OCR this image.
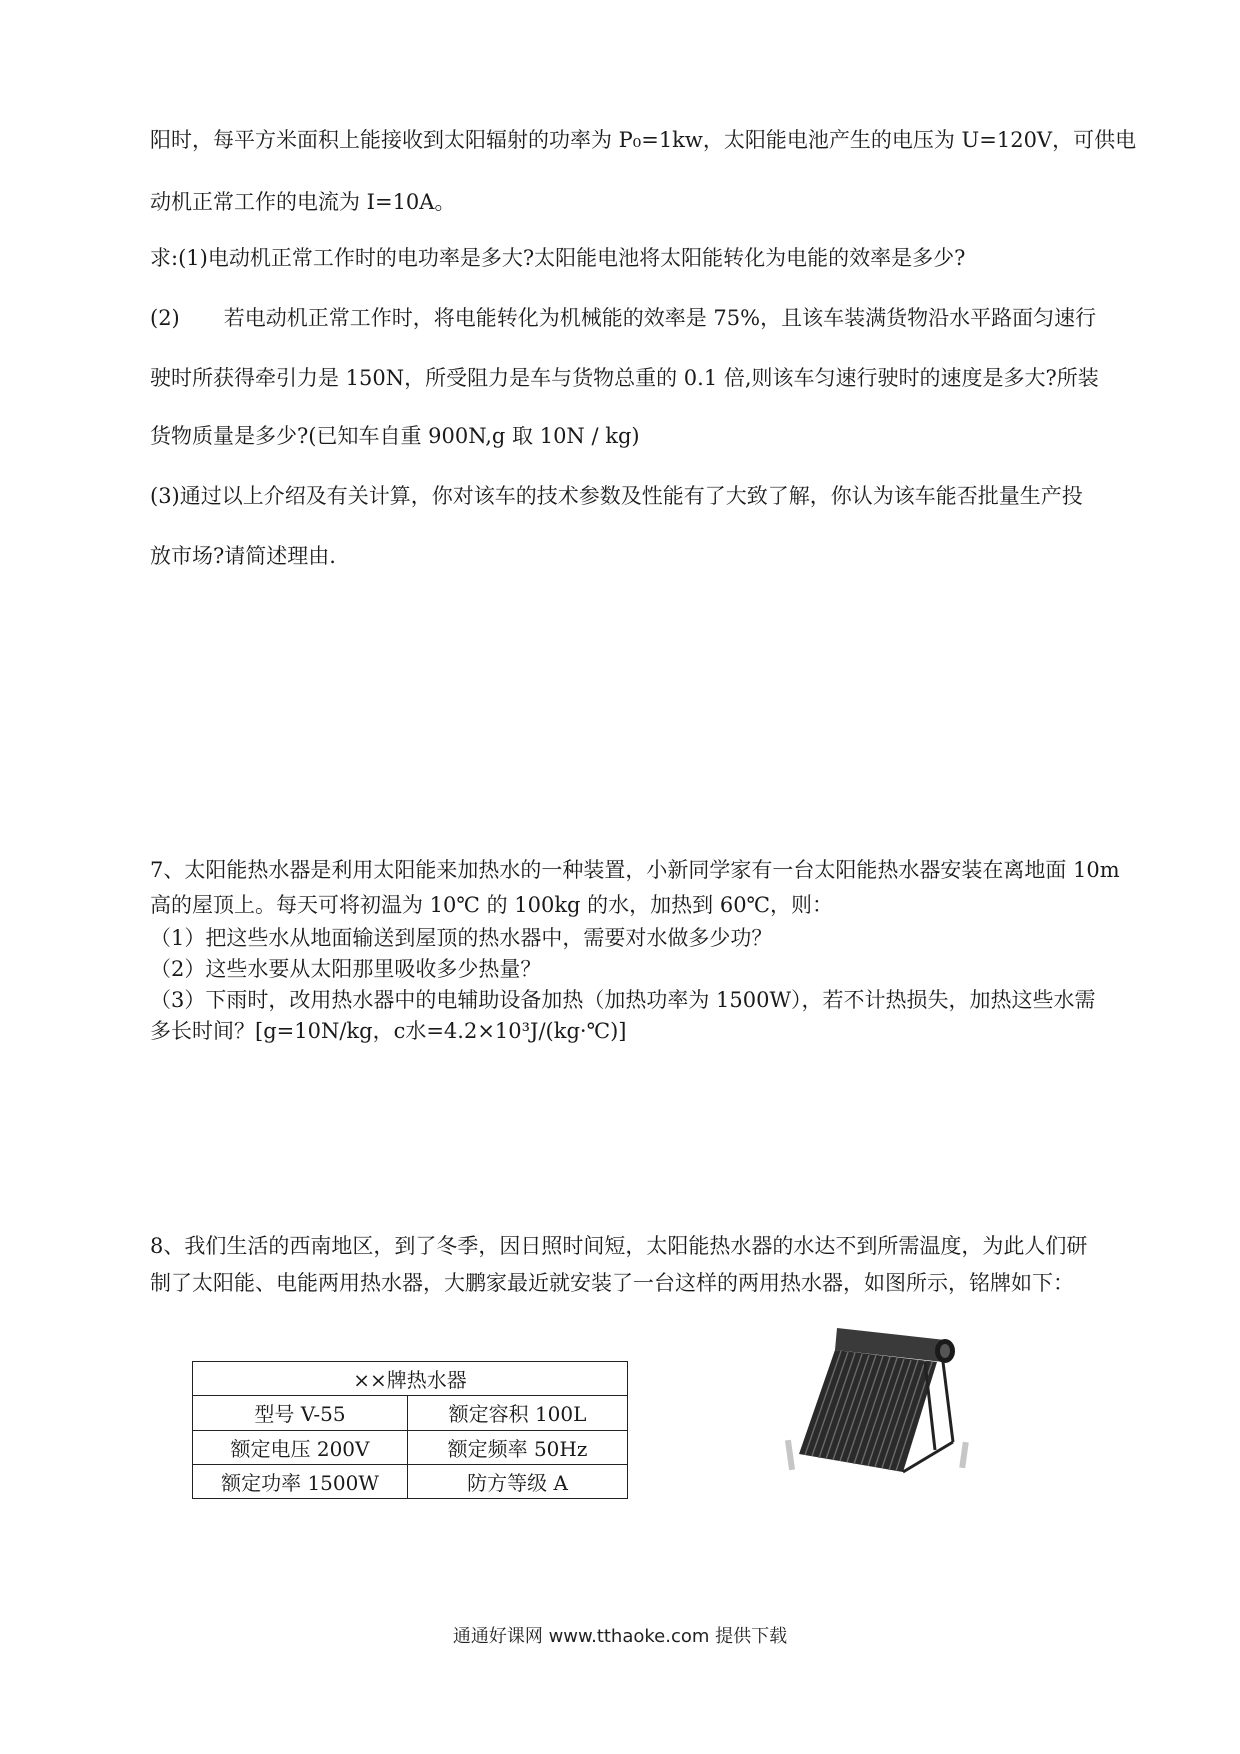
阳时，每平方米面积上能接收到太阳辐射的功率为 P₀=1kw，太阳能电池产生的电压为 U=120V，可供电
动机正常工作的电流为 I=10A。
求:(1)电动机正常工作时的电功率是多大?太阳能电池将太阳能转化为电能的效率是多少?
(2) 若电动机正常工作时，将电能转化为机械能的效率是 75%，且该车装满货物沿水平路面匀速行
驶时所获得牵引力是 150N，所受阻力是车与货物总重的 0.1 倍,则该车匀速行驶时的速度是多大?所装
货物质量是多少?(已知车自重 900N,g 取 10N / kg)
(3)通过以上介绍及有关计算，你对该车的技术参数及性能有了大致了解，你认为该车能否批量生产投
放市场?请简述理由.
7、太阳能热水器是利用太阳能来加热水的一种装置，小新同学家有一台太阳能热水器安装在离地面 10m
高的屋顶上。每天可将初温为 10℃ 的 100kg 的水，加热到 60℃，则：
（1）把这些水从地面输送到屋顶的热水器中，需要对水做多少功？
（2）这些水要从太阳那里吸收多少热量？
（3）下雨时，改用热水器中的电辅助设备加热（加热功率为 1500W），若不计热损失，加热这些水需
多长时间？[g=10N/kg，c水=4.2×10³J/(kg·℃)]
8、我们生活的西南地区，到了冬季，因日照时间短，太阳能热水器的水达不到所需温度，为此人们研
制了太阳能、电能两用热水器，大鹏家最近就安装了一台这样的两用热水器，如图所示，铭牌如下：
××牌热水器	
型号 V-55	额定容积 100L
额定电压 200V	额定频率 50Hz
额定功率 1500W	防方等级 A
通通好课网 www.tthaoke.com 提供下载
